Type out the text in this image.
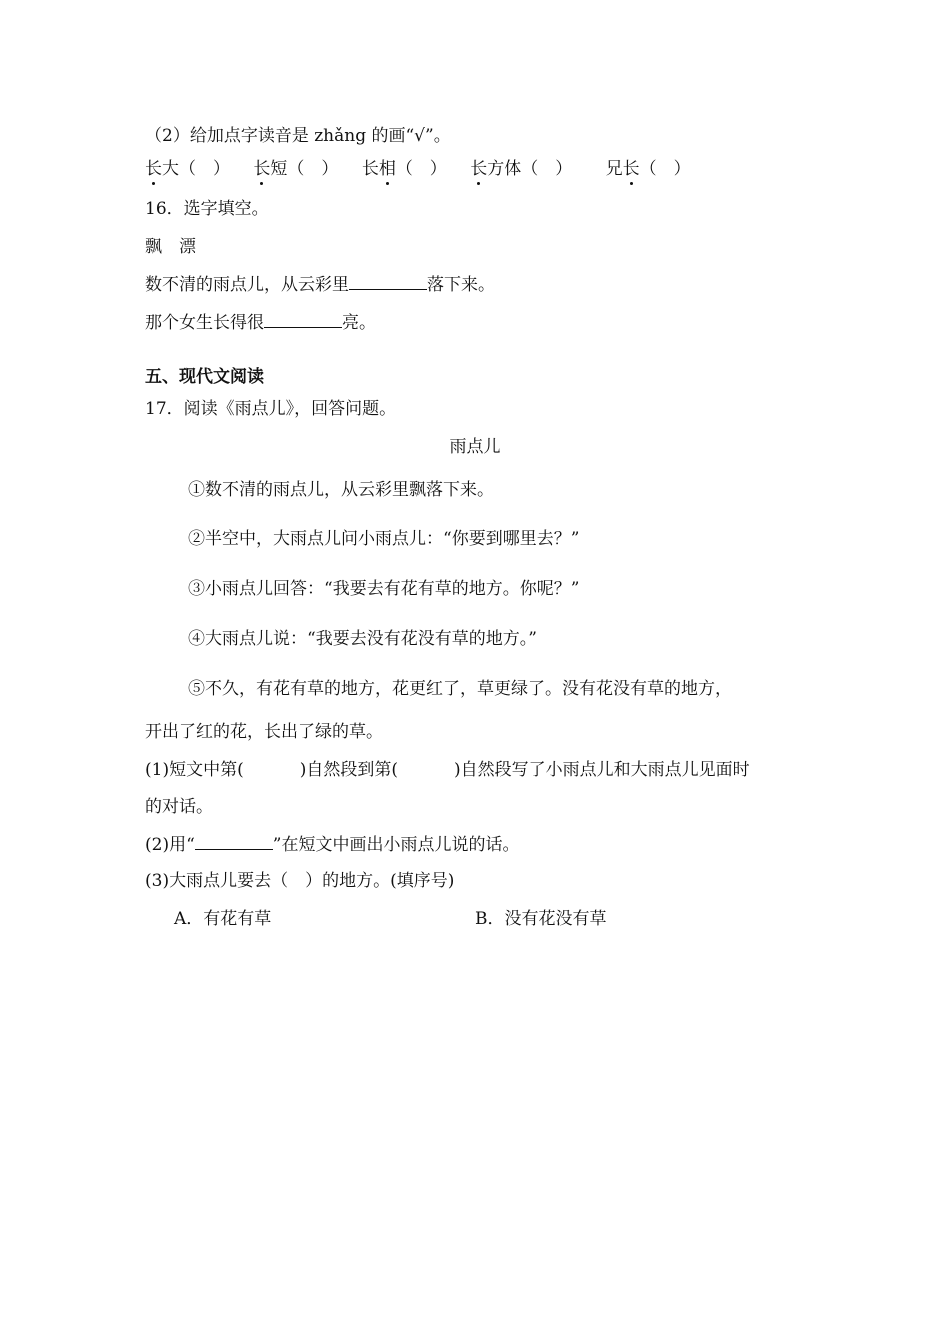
（2）给加点字读音是 zhǎng 的画“√”。
长大（　） 长短（　） 长相（　） 长方体（　） 兄长（　）
16．选字填空。
飘　漂
数不清的雨点儿，从云彩里	落下来。
那个女生长得很	亮。
五、现代文阅读
17．阅读《雨点儿》，回答问题。
雨点儿
①数不清的雨点儿，从云彩里飘落下来。
②半空中，大雨点儿问小雨点儿：“你要到哪里去？”
③小雨点儿回答：“我要去有花有草的地方。你呢？”
④大雨点儿说：“我要去没有花没有草的地方。”
⑤不久，有花有草的地方，花更红了，草更绿了。没有花没有草的地方，
开出了红的花，长出了绿的草。
(1)短文中第(	)自然段到第(	)自然段写了小雨点儿和大雨点儿见面时
的对话。
(2)用“	”在短文中画出小雨点儿说的话。
(3)大雨点儿要去（　）的地方。(填序号)
A．有花有草	B．没有花没有草
